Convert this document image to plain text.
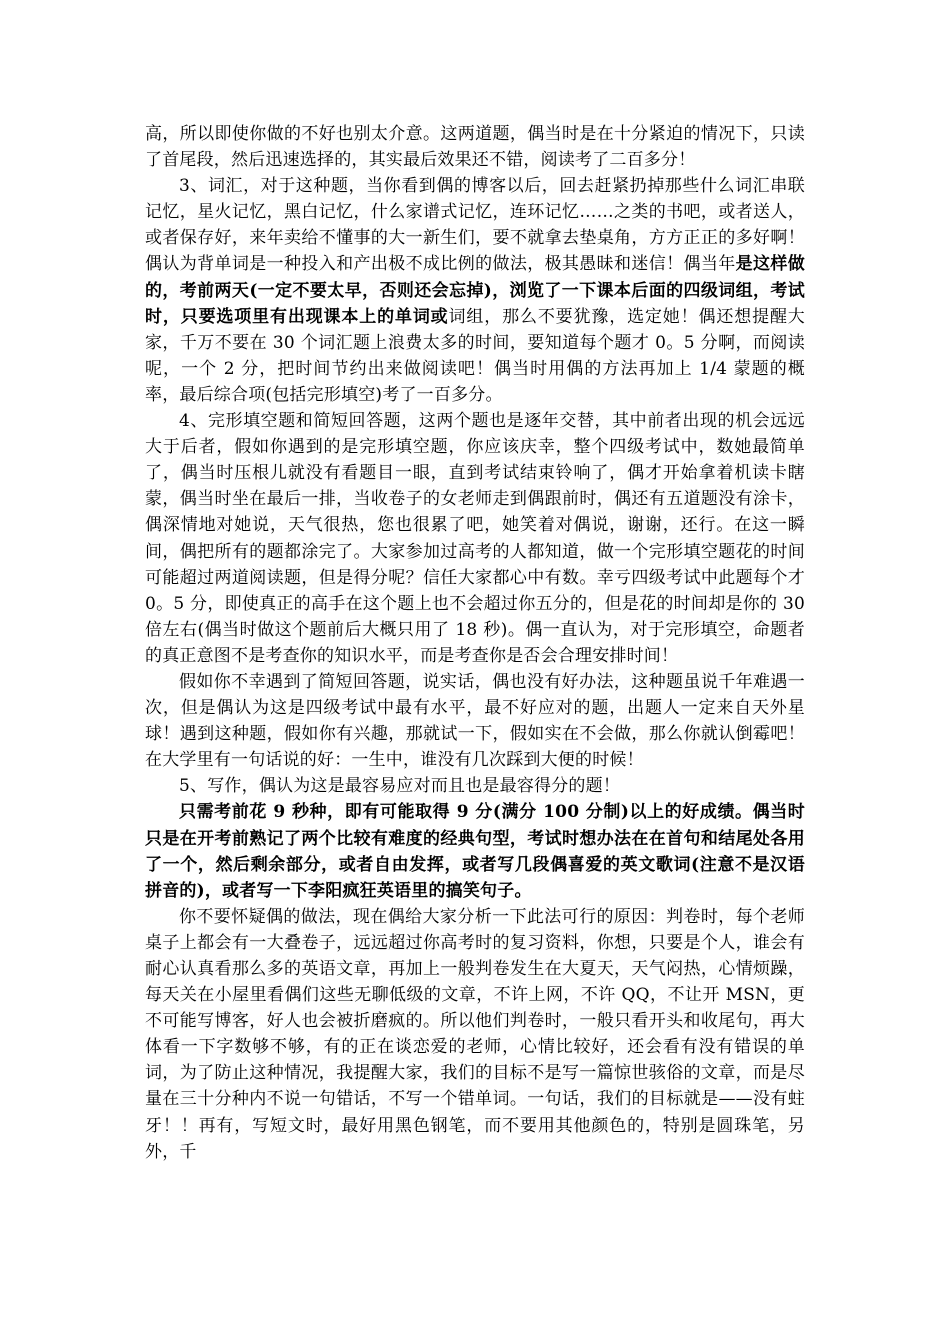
高，所以即使你做的不好也别太介意。这两道题，偶当时是在十分紧迫的情况下，只读了首尾段，然后迅速选择的，其实最后效果还不错，阅读考了二百多分！

3、词汇，对于这种题，当你看到偶的博客以后，回去赶紧扔掉那些什么词汇串联记忆，星火记忆，黑白记忆，什么家谱式记忆，连环记忆……之类的书吧，或者送人，或者保存好，来年卖给不懂事的大一新生们，要不就拿去垫桌角，方方正正的多好啊！偶认为背单词是一种投入和产出极不成比例的做法，极其愚昧和迷信！偶当年是这样做的，考前两天(一定不要太早，否则还会忘掉)，浏览了一下课本后面的四级词组，考试时，只要选项里有出现课本上的单词或词组，那么不要犹豫，选定她！偶还想提醒大家，千万不要在 30 个词汇题上浪费太多的时间，要知道每个题才 0。5 分啊，而阅读呢，一个 2 分，把时间节约出来做阅读吧！偶当时用偶的方法再加上 1/4 蒙题的概率，最后综合项(包括完形填空)考了一百多分。

4、完形填空题和简短回答题，这两个题也是逐年交替，其中前者出现的机会远远大于后者，假如你遇到的是完形填空题，你应该庆幸，整个四级考试中，数她最简单了，偶当时压根儿就没有看题目一眼，直到考试结束铃响了，偶才开始拿着机读卡瞎蒙，偶当时坐在最后一排，当收卷子的女老师走到偶跟前时，偶还有五道题没有涂卡，偶深情地对她说，天气很热，您也很累了吧，她笑着对偶说，谢谢，还行。在这一瞬间，偶把所有的题都涂完了。大家参加过高考的人都知道，做一个完形填空题花的时间可能超过两道阅读题，但是得分呢？信任大家都心中有数。幸亏四级考试中此题每个才 0。5 分，即使真正的高手在这个题上也不会超过你五分的，但是花的时间却是你的 30 倍左右(偶当时做这个题前后大概只用了 18 秒)。偶一直认为，对于完形填空，命题者的真正意图不是考查你的知识水平，而是考查你是否会合理安排时间！

假如你不幸遇到了简短回答题，说实话，偶也没有好办法，这种题虽说千年难遇一次，但是偶认为这是四级考试中最有水平，最不好应对的题，出题人一定来自天外星球！遇到这种题，假如你有兴趣，那就试一下，假如实在不会做，那么你就认倒霉吧！在大学里有一句话说的好：一生中，谁没有几次踩到大便的时候！

5、写作，偶认为这是最容易应对而且也是最容得分的题！

只需考前花 9 秒种，即有可能取得 9 分(满分 100 分制)以上的好成绩。偶当时只是在开考前熟记了两个比较有难度的经典句型，考试时想办法在在首句和结尾处各用了一个，然后剩余部分，或者自由发挥，或者写几段偶喜爱的英文歌词(注意不是汉语拼音的)，或者写一下李阳疯狂英语里的搞笑句子。

你不要怀疑偶的做法，现在偶给大家分析一下此法可行的原因：判卷时，每个老师桌子上都会有一大叠卷子，远远超过你高考时的复习资料，你想，只要是个人，谁会有耐心认真看那么多的英语文章，再加上一般判卷发生在大夏天，天气闷热，心情烦躁，每天关在小屋里看偶们这些无聊低级的文章，不许上网，不许 QQ，不让开 MSN，更不可能写博客，好人也会被折磨疯的。所以他们判卷时，一般只看开头和收尾句，再大体看一下字数够不够，有的正在谈恋爱的老师，心情比较好，还会看有没有错误的单词，为了防止这种情况，我提醒大家，我们的目标不是写一篇惊世骇俗的文章，而是尽量在三十分种内不说一句错话，不写一个错单词。一句话，我们的目标就是——没有蛀牙！！再有，写短文时，最好用黑色钢笔，而不要用其他颜色的，特别是圆珠笔，另外，千
